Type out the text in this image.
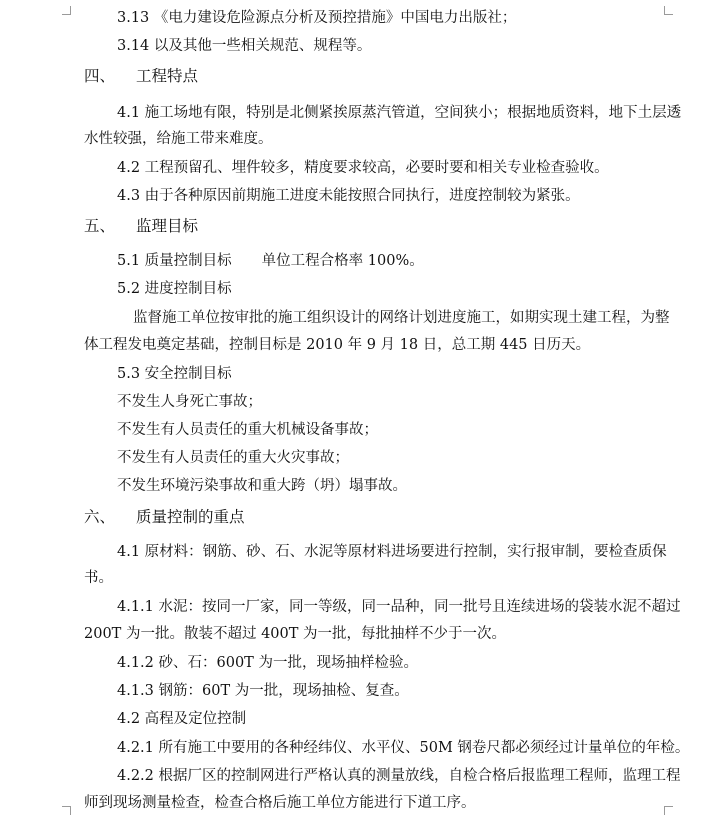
3.13 《电力建设危险源点分析及预控措施》中国电力出版社；
3.14 以及其他一些相关规范、规程等。
四、 工程特点
4.1 施工场地有限，特别是北侧紧挨原蒸汽管道，空间狭小；根据地质资料，地下土层透
水性较强，给施工带来难度。
4.2 工程预留孔、埋件较多，精度要求较高，必要时要和相关专业检查验收。
4.3 由于各种原因前期施工进度未能按照合同执行，进度控制较为紧张。
五、 监理目标
5.1 质量控制目标 单位工程合格率 100%。
5.2 进度控制目标
监督施工单位按审批的施工组织设计的网络计划进度施工，如期实现土建工程，为整
体工程发电奠定基础，控制目标是 2010 年 9 月 18 日，总工期 445 日历天。
5.3 安全控制目标
不发生人身死亡事故；
不发生有人员责任的重大机械设备事故；
不发生有人员责任的重大火灾事故；
不发生环境污染事故和重大跨（坍）塌事故。
六、 质量控制的重点
4.1 原材料：钢筋、砂、石、水泥等原材料进场要进行控制，实行报审制，要检查质保
书。
4.1.1 水泥：按同一厂家，同一等级，同一品种，同一批号且连续进场的袋装水泥不超过
200T 为一批。散装不超过 400T 为一批，每批抽样不少于一次。
4.1.2 砂、石：600T 为一批，现场抽样检验。
4.1.3 钢筋：60T 为一批，现场抽检、复查。
4.2 高程及定位控制
4.2.1 所有施工中要用的各种经纬仪、水平仪、50M 钢卷尺都必须经过计量单位的年检。
4.2.2 根据厂区的控制网进行严格认真的测量放线，自检合格后报监理工程师，监理工程
师到现场测量检查，检查合格后施工单位方能进行下道工序。
